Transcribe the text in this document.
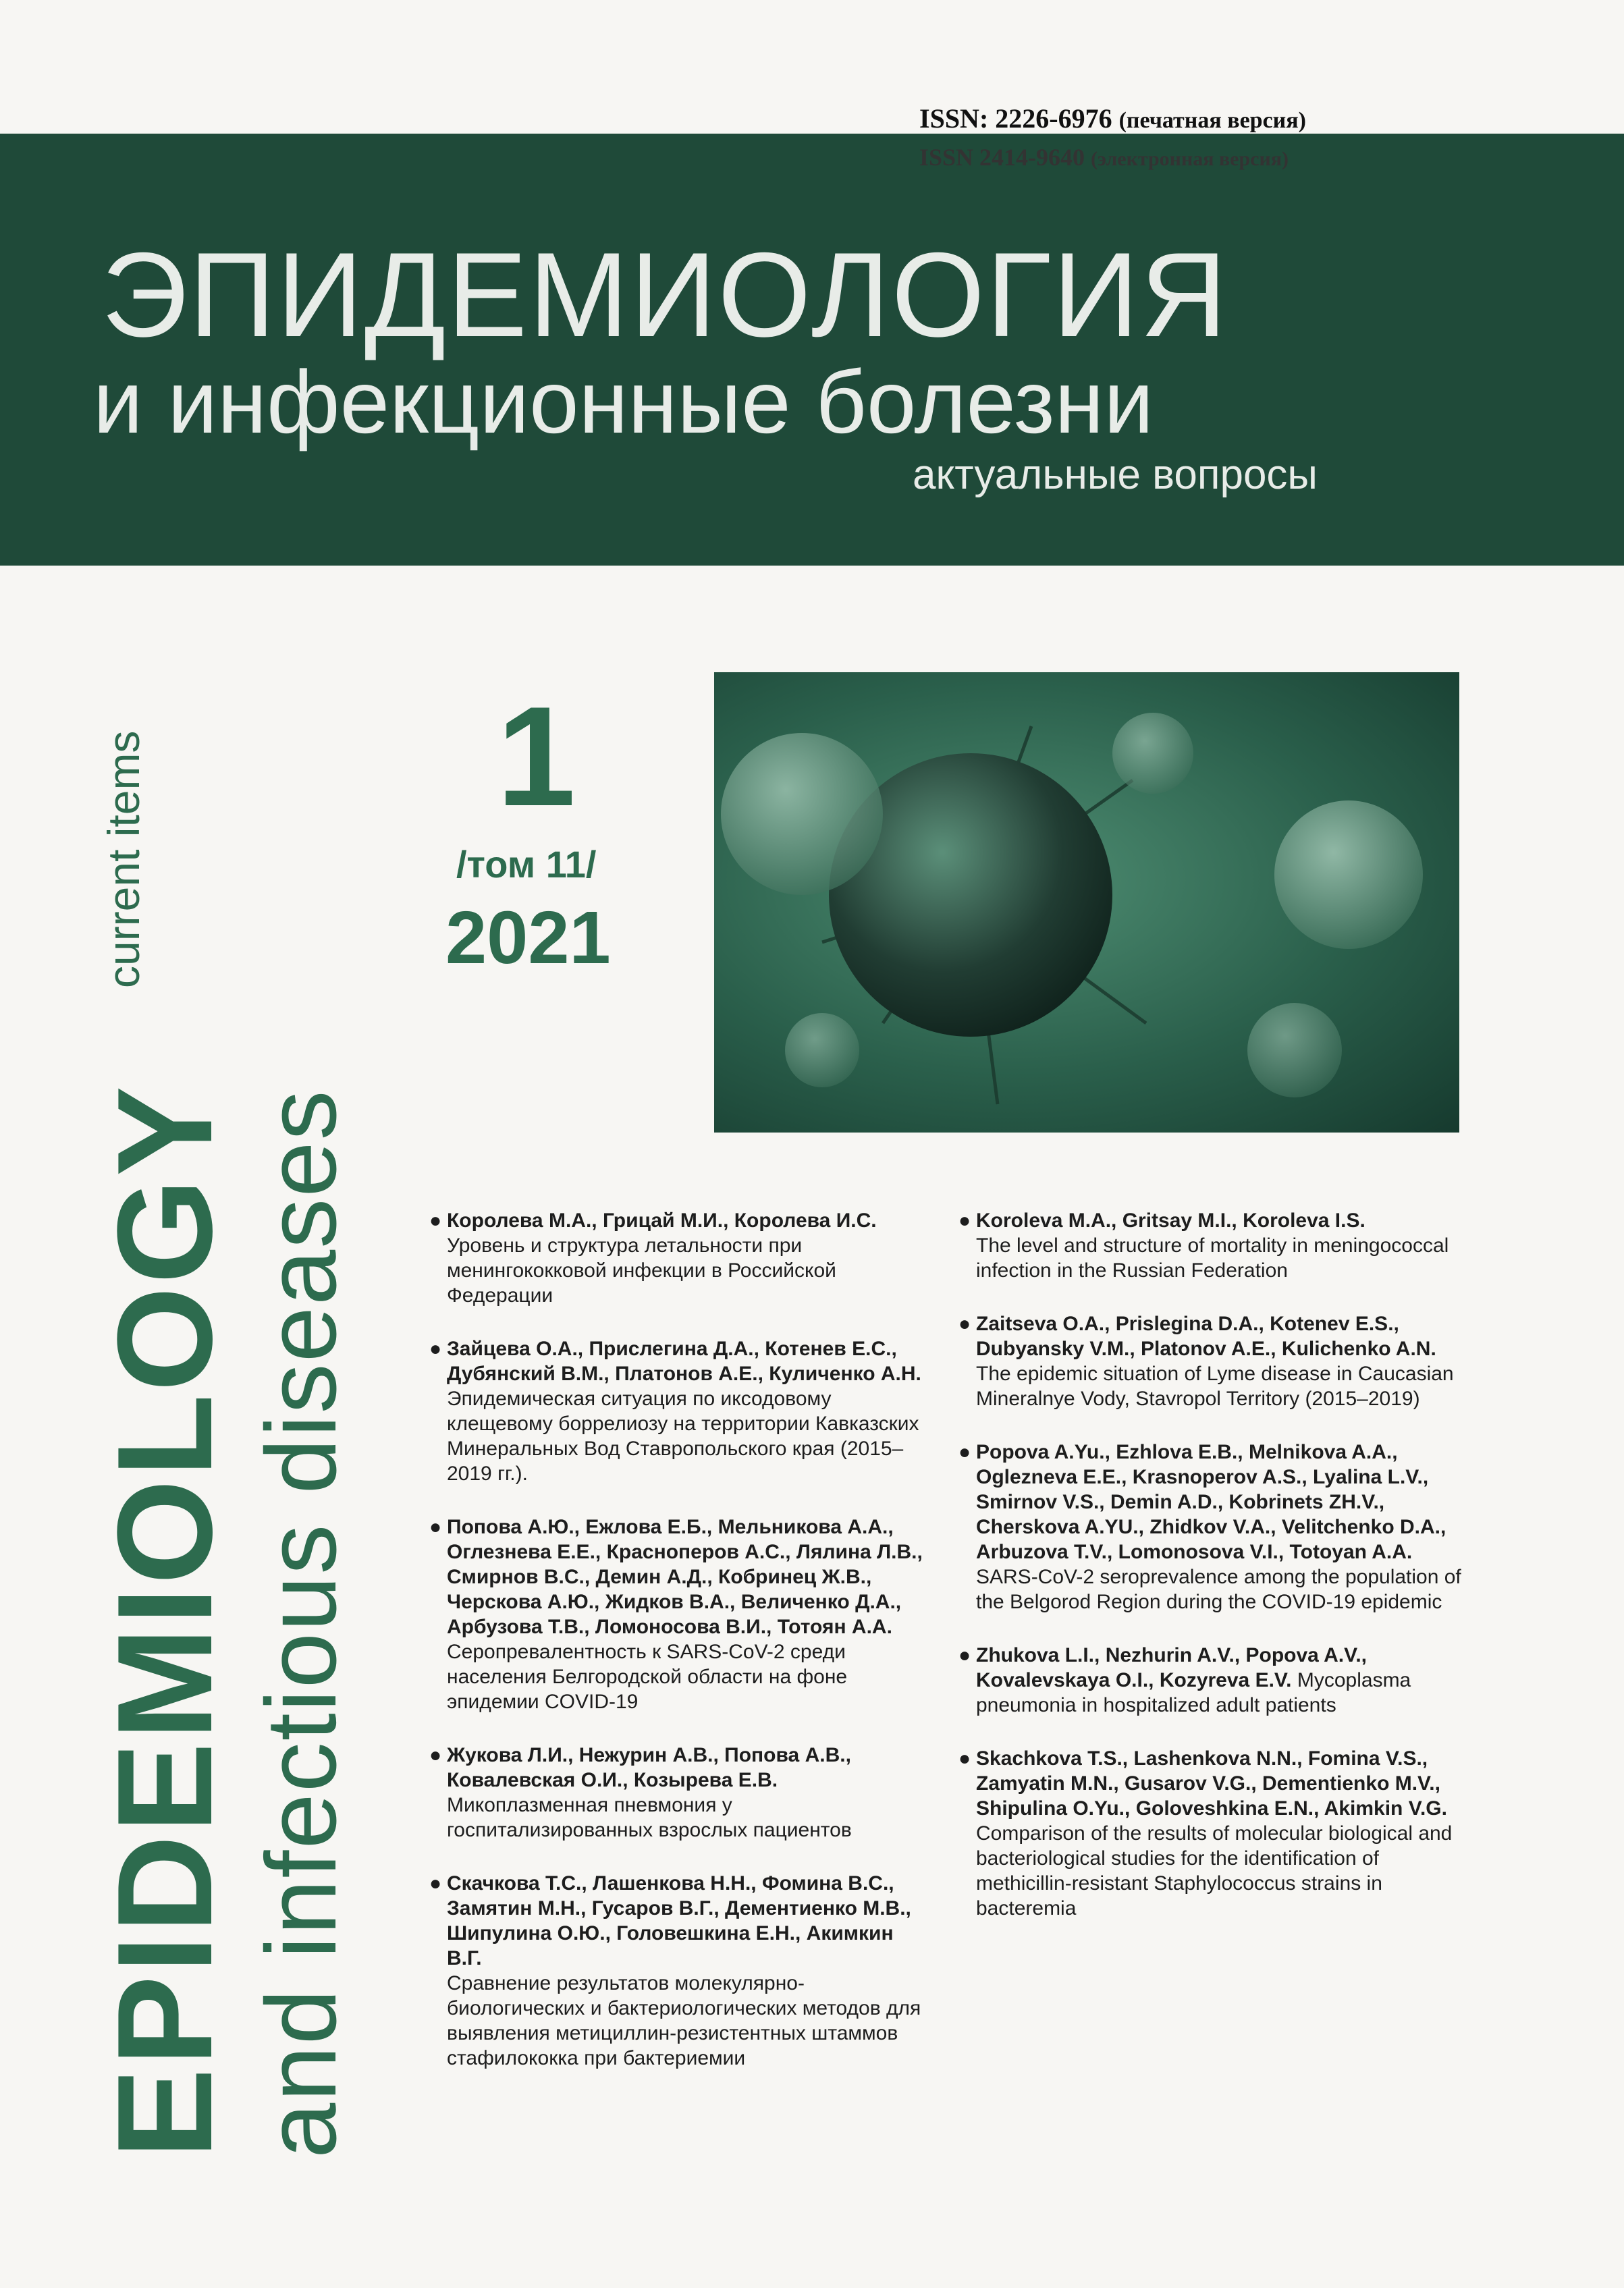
ISSN: 2226-6976 (печатная версия)
ISSN 2414-9640 (электронная версия)
ЭПИДЕМИОЛОГИЯ
и инфекционные болезни
актуальные вопросы
EPIDEMIOLOGY and infectious diseases
current items 1
/том 11/
2021
● Королева М.А., Грицай М.И., Королева И.С.
Уровень и структура летальности при менингококковой инфекции в Российской Федерации
● Зайцева О.А., Прислегина Д.А., Котенев Е.С., Дубянский В.М., Платонов А.Е., Куличенко А.Н. Эпидемическая ситуация по иксодовому клещевому боррелиозу на территории Кавказских Минеральных Вод Ставропольского края (2015–2019 гг.).
● Попова А.Ю., Ежлова Е.Б., Мельникова А.А., Оглезнева Е.Е., Красноперов А.С., Лялина Л.В., Смирнов В.С., Демин А.Д., Кобринец Ж.В., Черскова А.Ю., Жидков В.А., Величенко Д.А., Арбузова Т.В., Ломоносова В.И., Тотоян А.А.
Серопревалентность к SARS-CoV-2 среди населения Белгородской области на фоне эпидемии COVID-19
● Жукова Л.И., Нежурин А.В., Попова А.В., Ковалевская О.И., Козырева Е.В.
Микоплазменная пневмония у госпитализированных взрослых пациентов
● Скачкова Т.С., Лашенкова Н.Н., Фомина В.С., Замятин М.Н., Гусаров В.Г., Дементиенко М.В., Шипулина О.Ю., Головешкина Е.Н., Акимкин В.Г.
Сравнение результатов молекулярно-биологических и бактериологических методов для выявления метициллин-резистентных штаммов стафилококка при бактериемии
● Koroleva M.A., Gritsay M.I., Koroleva I.S.
The level and structure of mortality in meningococcal infection in the Russian Federation
● Zaitseva O.A., Prislegina D.A., Kotenev E.S., Dubyansky V.M., Platonov A.E., Kulichenko A.N.
The epidemic situation of Lyme disease in Caucasian Mineralnye Vody, Stavropol Territory (2015–2019)
● Popova A.Yu., Ezhlova E.B., Melnikova A.A., Oglezneva E.E., Krasnoperov A.S., Lyalina L.V., Smirnov V.S., Demin A.D., Kobrinets ZH.V., Cherskova A.YU., Zhidkov V.A., Velitchenko D.A., Arbuzova T.V., Lomonosova V.I., Totoyan A.A.
SARS-CoV-2 seroprevalence among the population of the Belgorod Region during the COVID-19 epidemic
● Zhukova L.I., Nezhurin A.V., Popova A.V., Kovalevskaya O.I., Kozyreva E.V. Mycoplasma pneumonia in hospitalized adult patients
● Skachkova T.S., Lashenkova N.N., Fomina V.S., Zamyatin M.N., Gusarov V.G., Dementienko M.V., Shipulina O.Yu., Goloveshkina E.N., Akimkin V.G.
Comparison of the results of molecular biological and bacteriological studies for the identification of methicillin-resistant Staphylococcus strains in bacteremia
